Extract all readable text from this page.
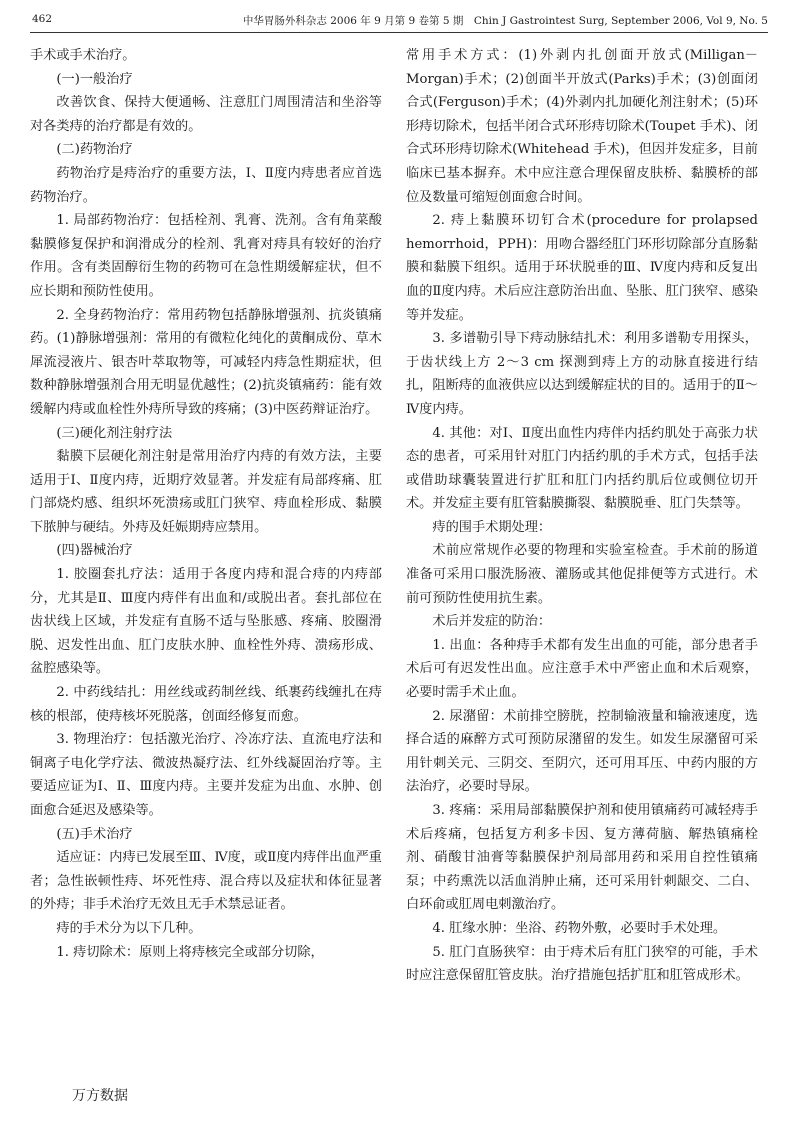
462	中华胃肠外科杂志 2006 年 9 月第 9 卷第 5 期　Chin J Gastrointest Surg, September 2006, Vol 9, No. 5

手术或手术治疗。

(一)一般治疗

改善饮食、保持大便通畅、注意肛门周围清洁和坐浴等对各类痔的治疗都是有效的。

(二)药物治疗

药物治疗是痔治疗的重要方法，Ⅰ、Ⅱ度内痔患者应首选药物治疗。

1. 局部药物治疗：包括栓剂、乳膏、洗剂。含有角菜酸黏膜修复保护和润滑成分的栓剂、乳膏对痔具有较好的治疗作用。含有类固醇衍生物的药物可在急性期缓解症状，但不应长期和预防性使用。

2. 全身药物治疗：常用药物包括静脉增强剂、抗炎镇痛药。(1)静脉增强剂：常用的有微粒化纯化的黄酮成份、草木犀流浸液片、银杏叶萃取物等，可减轻内痔急性期症状，但数种静脉增强剂合用无明显优越性；(2)抗炎镇痛药：能有效缓解内痔或血栓性外痔所导致的疼痛；(3)中医药辩证治疗。

(三)硬化剂注射疗法

黏膜下层硬化剂注射是常用治疗内痔的有效方法，主要适用于Ⅰ、Ⅱ度内痔，近期疗效显著。并发症有局部疼痛、肛门部烧灼感、组织坏死溃疡或肛门狭窄、痔血栓形成、黏膜下脓肿与硬结。外痔及妊娠期痔应禁用。

(四)器械治疗

1. 胶圈套扎疗法：适用于各度内痔和混合痔的内痔部分，尤其是Ⅱ、Ⅲ度内痔伴有出血和/或脱出者。套扎部位在齿状线上区域，并发症有直肠不适与坠胀感、疼痛、胶圈滑脱、迟发性出血、肛门皮肤水肿、血栓性外痔、溃疡形成、盆腔感染等。

2. 中药线结扎：用丝线或药制丝线、纸裹药线缠扎在痔核的根部，使痔核坏死脱落，创面经修复而愈。

3. 物理治疗：包括激光治疗、冷冻疗法、直流电疗法和铜离子电化学疗法、微波热凝疗法、红外线凝固治疗等。主要适应证为Ⅰ、Ⅱ、Ⅲ度内痔。主要并发症为出血、水肿、创面愈合延迟及感染等。

(五)手术治疗

适应证：内痔已发展至Ⅲ、Ⅳ度，或Ⅱ度内痔伴出血严重者；急性嵌顿性痔、坏死性痔、混合痔以及症状和体征显著的外痔；非手术治疗无效且无手术禁忌证者。

痔的手术分为以下几种。

1. 痔切除术：原则上将痔核完全或部分切除，

常用手术方式：(1)外剥内扎创面开放式(Milligan－Morgan)手术；(2)创面半开放式(Parks)手术；(3)创面闭合式(Ferguson)手术；(4)外剥内扎加硬化剂注射术；(5)环形痔切除术，包括半闭合式环形痔切除术(Toupet 手术)、闭合式环形痔切除术(Whitehead 手术)，但因并发症多，目前临床已基本摒弃。术中应注意合理保留皮肤桥、黏膜桥的部位及数量可缩短创面愈合时间。

2. 痔上黏膜环切钉合术(procedure for prolapsed hemorrhoid，PPH)：用吻合器经肛门环形切除部分直肠黏膜和黏膜下组织。适用于环状脱垂的Ⅲ、Ⅳ度内痔和反复出血的Ⅱ度内痔。术后应注意防治出血、坠胀、肛门狭窄、感染等并发症。

3. 多谱勒引导下痔动脉结扎术：利用多谱勒专用探头，于齿状线上方 2～3 cm 探测到痔上方的动脉直接进行结扎，阻断痔的血液供应以达到缓解症状的目的。适用于的Ⅱ～Ⅳ度内痔。

4. 其他：对Ⅰ、Ⅱ度出血性内痔伴内括约肌处于高张力状态的患者，可采用针对肛门内括约肌的手术方式，包括手法或借助球囊装置进行扩肛和肛门内括约肌后位或侧位切开术。并发症主要有肛管黏膜撕裂、黏膜脱垂、肛门失禁等。

痔的围手术期处理：

术前应常规作必要的物理和实验室检查。手术前的肠道准备可采用口服洗肠液、灌肠或其他促排便等方式进行。术前可预防性使用抗生素。

术后并发症的防治：

1. 出血：各种痔手术都有发生出血的可能，部分患者手术后可有迟发性出血。应注意手术中严密止血和术后观察，必要时需手术止血。

2. 尿潴留：术前排空膀胱，控制输液量和输液速度，选择合适的麻醉方式可预防尿潴留的发生。如发生尿潴留可采用针刺关元、三阴交、至阴穴，还可用耳压、中药内服的方法治疗，必要时导尿。

3. 疼痛：采用局部黏膜保护剂和使用镇痛药可减轻痔手术后疼痛，包括复方利多卡因、复方薄荷脑、解热镇痛栓剂、硝酸甘油膏等黏膜保护剂局部用药和采用自控性镇痛泵；中药熏洗以活血消肿止痛，还可采用针刺龈交、二白、白环俞或肛周电刺激治疗。

4. 肛缘水肿：坐浴、药物外敷，必要时手术处理。

5. 肛门直肠狭窄：由于痔术后有肛门狭窄的可能，手术时应注意保留肛管皮肤。治疗措施包括扩肛和肛管成形术。

万方数据
